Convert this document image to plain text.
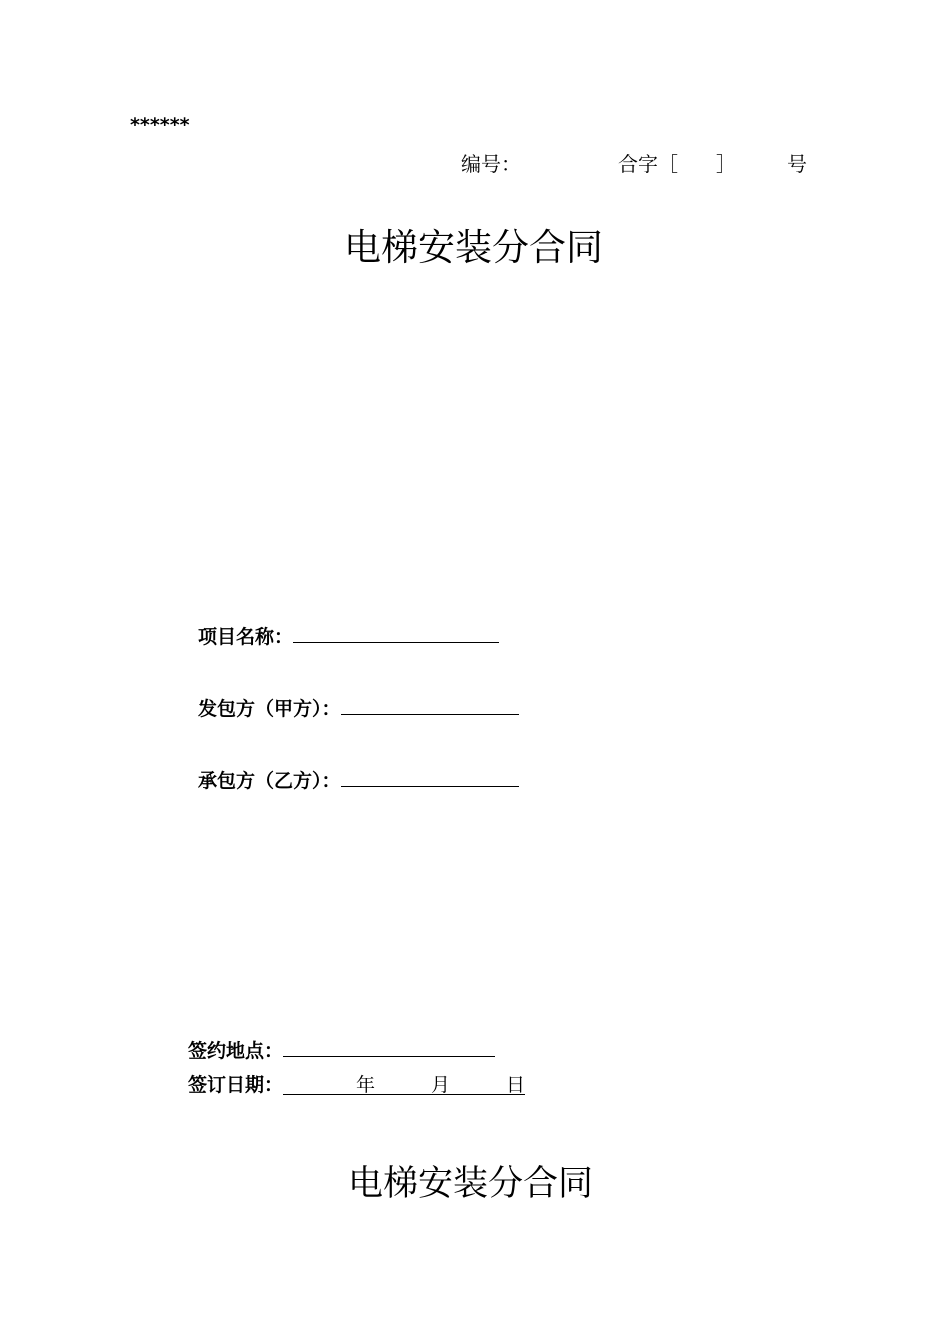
******
编号：	合字［ ］	号
电梯安装分合同
项目名称：
发包方（甲方）：
承包方（乙方）：
签约地点：
签订日期：	年	月	日
电梯安装分合同
